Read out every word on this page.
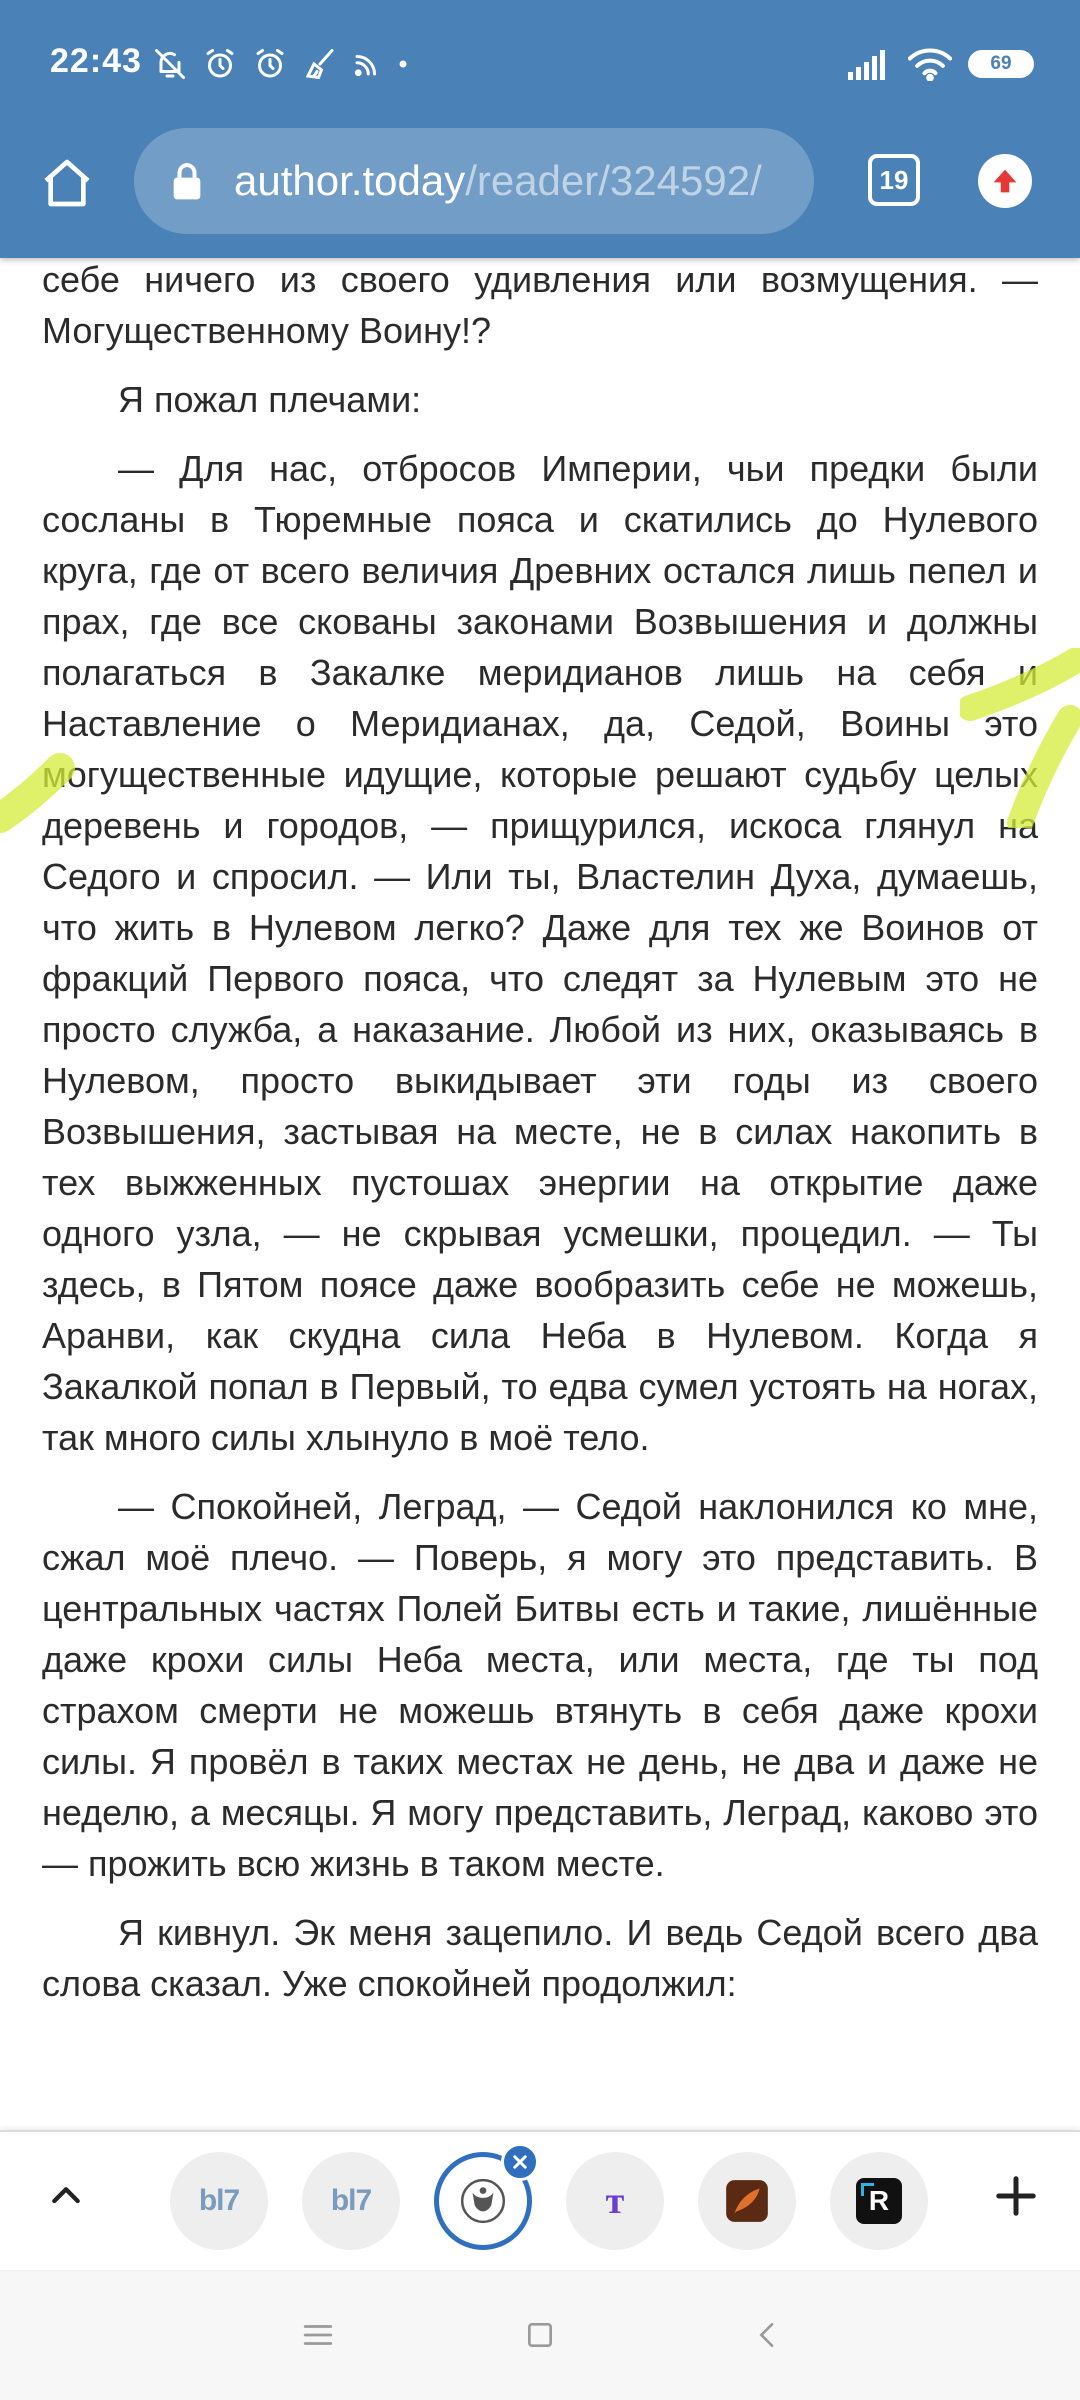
22:43	69
author.today/reader/324592/	19

себе ничего из своего удивления или возмущения. — Могущественному Воину!?

Я пожал плечами:

— Для нас, отбросов Империи, чьи предки были сосланы в Тюремные пояса и скатились до Нулевого круга, где от всего величия Древних остался лишь пепел и прах, где все скованы законами Возвышения и должны полагаться в Закалке меридианов лишь на себя и Наставление о Меридианах, да, Седой, Воины это могущественные идущие, которые решают судьбу целых деревень и городов, — прищурился, искоса глянул на Седого и спросил. — Или ты, Властелин Духа, думаешь, что жить в Нулевом легко? Даже для тех же Воинов от фракций Первого пояса, что следят за Нулевым это не просто служба, а наказание. Любой из них, оказываясь в Нулевом, просто выкидывает эти годы из своего Возвышения, застывая на месте, не в силах накопить в тех выжженных пустошах энергии на открытие даже одного узла, — не скрывая усмешки, процедил. — Ты здесь, в Пятом поясе даже вообразить себе не можешь, Аранви, как скудна сила Неба в Нулевом. Когда я Закалкой попал в Первый, то едва сумел устоять на ногах, так много силы хлынуло в моё тело.

— Спокойней, Леград, — Седой наклонился ко мне, сжал моё плечо. — Поверь, я могу это представить. В центральных частях Полей Битвы есть и такие, лишённые даже крохи силы Неба места, или места, где ты под страхом смерти не можешь втянуть в себя даже крохи силы. Я провёл в таких местах не день, не два и даже не неделю, а месяцы. Я могу представить, Леград, каково это — прожить всю жизнь в таком месте.

Я кивнул. Эк меня зацепило. И ведь Седой всего два слова сказал. Уже спокойней продолжил:

bl7	bl7	т	R
